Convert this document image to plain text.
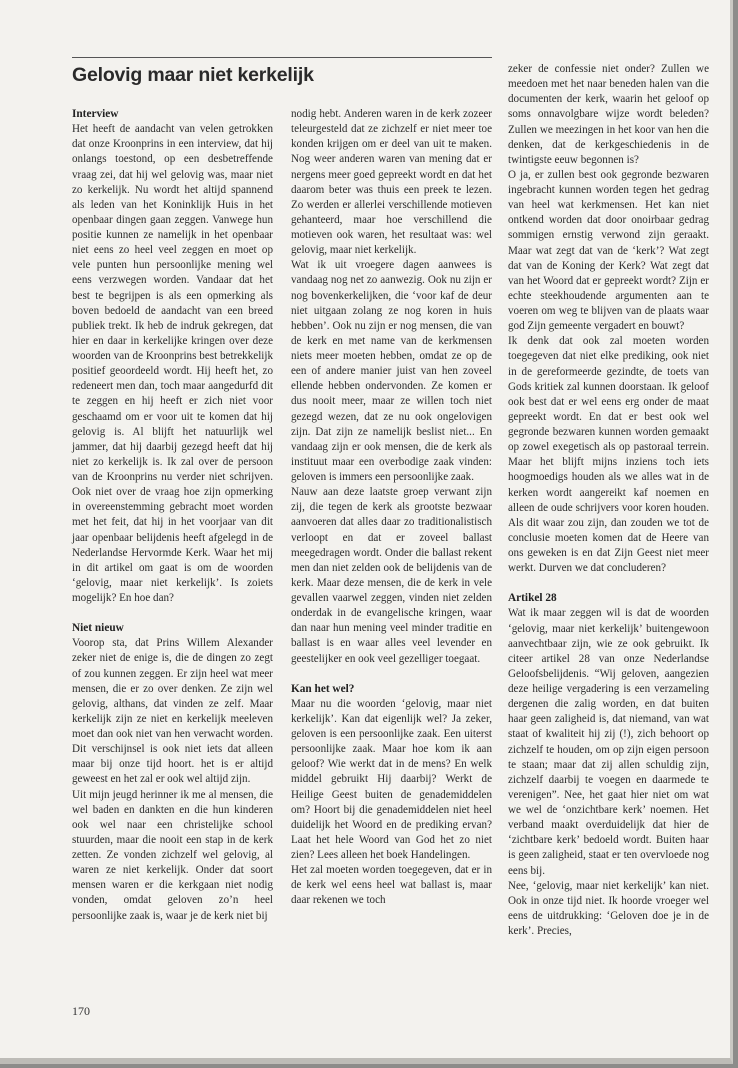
Gelovig maar niet kerkelijk
Interview

Het heeft de aandacht van velen getrokken dat onze Kroonprins in een interview, dat hij onlangs toestond, op een desbetreffende vraag zei, dat hij wel gelovig was, maar niet zo kerkelijk. Nu wordt het altijd spannend als leden van het Koninklijk Huis in het openbaar dingen gaan zeggen. Vanwege hun positie kunnen ze namelijk in het openbaar niet eens zo heel veel zeggen en moet op vele punten hun persoonlijke mening wel eens verzwegen worden. Vandaar dat het best te begrijpen is als een opmerking als boven bedoeld de aandacht van een breed publiek trekt. Ik heb de indruk gekregen, dat hier en daar in kerkelijke kringen over deze woorden van de Kroonprins best betrekkelijk positief geoordeeld wordt. Hij heeft het, zo redeneert men dan, toch maar aangedurfd dit te zeggen en hij heeft er zich niet voor geschaamd om er voor uit te komen dat hij gelovig is. Al blijft het natuurlijk wel jammer, dat hij daarbij gezegd heeft dat hij niet zo kerkelijk is. Ik zal over de persoon van de Kroonprins nu verder niet schrijven. Ook niet over de vraag hoe zijn opmerking in overeenstemming gebracht moet worden met het feit, dat hij in het voorjaar van dit jaar openbaar belijdenis heeft afgelegd in de Nederlandse Hervormde Kerk. Waar het mij in dit artikel om gaat is om de woorden ‘gelovig, maar niet kerkelijk’. Is zoiets mogelijk? En hoe dan?

Niet nieuw

Voorop sta, dat Prins Willem Alexander zeker niet de enige is, die de dingen zo zegt of zou kunnen zeggen. Er zijn heel wat meer mensen, die er zo over denken. Ze zijn wel gelovig, althans, dat vinden ze zelf. Maar kerkelijk zijn ze niet en kerkelijk meeleven moet dan ook niet van hen verwacht worden. Dit verschijnsel is ook niet iets dat alleen maar bij onze tijd hoort. het is er altijd geweest en het zal er ook wel altijd zijn.

Uit mijn jeugd herinner ik me al mensen, die wel baden en dankten en die hun kinderen ook wel naar een christelijke school stuurden, maar die nooit een stap in de kerk zetten. Ze vonden zichzelf wel gelovig, al waren ze niet kerkelijk. Onder dat soort mensen waren er die kerkgaan niet nodig vonden, omdat geloven zo’n heel persoonlijke zaak is, waar je de kerk niet bij

nodig hebt. Anderen waren in de kerk zozeer teleurgesteld dat ze zichzelf er niet meer toe konden krijgen om er deel van uit te maken. Nog weer anderen waren van mening dat er nergens meer goed gepreekt wordt en dat het daarom beter was thuis een preek te lezen. Zo werden er allerlei verschillende motieven gehanteerd, maar hoe verschillend die motieven ook waren, het resultaat was: wel gelovig, maar niet kerkelijk.

Wat ik uit vroegere dagen aanwees is vandaag nog net zo aanwezig. Ook nu zijn er nog bovenkerkelijken, die ‘voor kaf de deur niet uitgaan zolang ze nog koren in huis hebben’. Ook nu zijn er nog mensen, die van de kerk en met name van de kerkmensen niets meer moeten hebben, omdat ze op de een of andere manier juist van hen zoveel ellende hebben ondervonden. Ze komen er dus nooit meer, maar ze willen toch niet gezegd wezen, dat ze nu ook ongelovigen zijn. Dat zijn ze namelijk beslist niet... En vandaag zijn er ook mensen, die de kerk als instituut maar een overbodige zaak vinden: geloven is immers een persoonlijke zaak.

Nauw aan deze laatste groep verwant zijn zij, die tegen de kerk als grootste bezwaar aanvoeren dat alles daar zo traditionalistisch verloopt en dat er zoveel ballast meegedragen wordt. Onder die ballast rekent men dan niet zelden ook de belijdenis van de kerk. Maar deze mensen, die de kerk in vele gevallen vaarwel zeggen, vinden niet zelden onderdak in de evangelische kringen, waar dan naar hun mening veel minder traditie en ballast is en waar alles veel levender en geestelijker en ook veel gezelliger toegaat.

Kan het wel?

Maar nu die woorden ‘gelovig, maar niet kerkelijk’. Kan dat eigenlijk wel? Ja zeker, geloven is een persoonlijke zaak. Een uiterst persoonlijke zaak. Maar hoe kom ik aan geloof? Wie werkt dat in de mens? En welk middel gebruikt Hij daarbij? Werkt de Heilige Geest buiten de genademiddelen om? Hoort bij die genademiddelen niet heel duidelijk het Woord en de prediking ervan? Laat het hele Woord van God het zo niet zien? Lees alleen het boek Handelingen.

Het zal moeten worden toegegeven, dat er in de kerk wel eens heel wat ballast is, maar daar rekenen we toch

zeker de confessie niet onder? Zullen we meedoen met het naar beneden halen van die documenten der kerk, waarin het geloof op soms onnavolgbare wijze wordt beleden? Zullen we meezingen in het koor van hen die denken, dat de kerkgeschiedenis in de twintigste eeuw begonnen is?

O ja, er zullen best ook gegronde bezwaren ingebracht kunnen worden tegen het gedrag van heel wat kerkmensen. Het kan niet ontkend worden dat door onoirbaar gedrag sommigen ernstig verwond zijn geraakt. Maar wat zegt dat van de ‘kerk’? Wat zegt dat van de Koning der Kerk? Wat zegt dat van het Woord dat er gepreekt wordt? Zijn er echte steekhoudende argumenten aan te voeren om weg te blijven van de plaats waar god Zijn gemeente vergadert en bouwt?

Ik denk dat ook zal moeten worden toegegeven dat niet elke prediking, ook niet in de gereformeerde gezindte, de toets van Gods kritiek zal kunnen doorstaan. Ik geloof ook best dat er wel eens erg onder de maat gepreekt wordt. En dat er best ook wel gegronde bezwaren kunnen worden gemaakt op zowel exegetisch als op pastoraal terrein. Maar het blijft mijns inziens toch iets hoogmoedigs houden als we alles wat in de kerken wordt aangereikt kaf noemen en alleen de oude schrijvers voor koren houden. Als dit waar zou zijn, dan zouden we tot de conclusie moeten komen dat de Heere van ons geweken is en dat Zijn Geest niet meer werkt. Durven we dat concluderen?

Artikel 28

Wat ik maar zeggen wil is dat de woorden ‘gelovig, maar niet kerkelijk’ buitengewoon aanvechtbaar zijn, wie ze ook gebruikt. Ik citeer artikel 28 van onze Nederlandse Geloofsbelijdenis. “Wij geloven, aangezien deze heilige vergadering is een verzameling dergenen die zalig worden, en dat buiten haar geen zaligheid is, dat niemand, van wat staat of kwaliteit hij zij (!), zich behoort op zichzelf te houden, om op zijn eigen persoon te staan; maar dat zij allen schuldig zijn, zichzelf daarbij te voegen en daarmede te verenigen”. Nee, het gaat hier niet om wat we wel de ‘onzichtbare kerk’ noemen. Het verband maakt overduidelijk dat hier de ‘zichtbare kerk’ bedoeld wordt. Buiten haar is geen zaligheid, staat er ten overvloede nog eens bij.

Nee, ‘gelovig, maar niet kerkelijk’ kan niet. Ook in onze tijd niet. Ik hoorde vroeger wel eens de uitdrukking: ‘Geloven doe je in de kerk’. Precies,

170
